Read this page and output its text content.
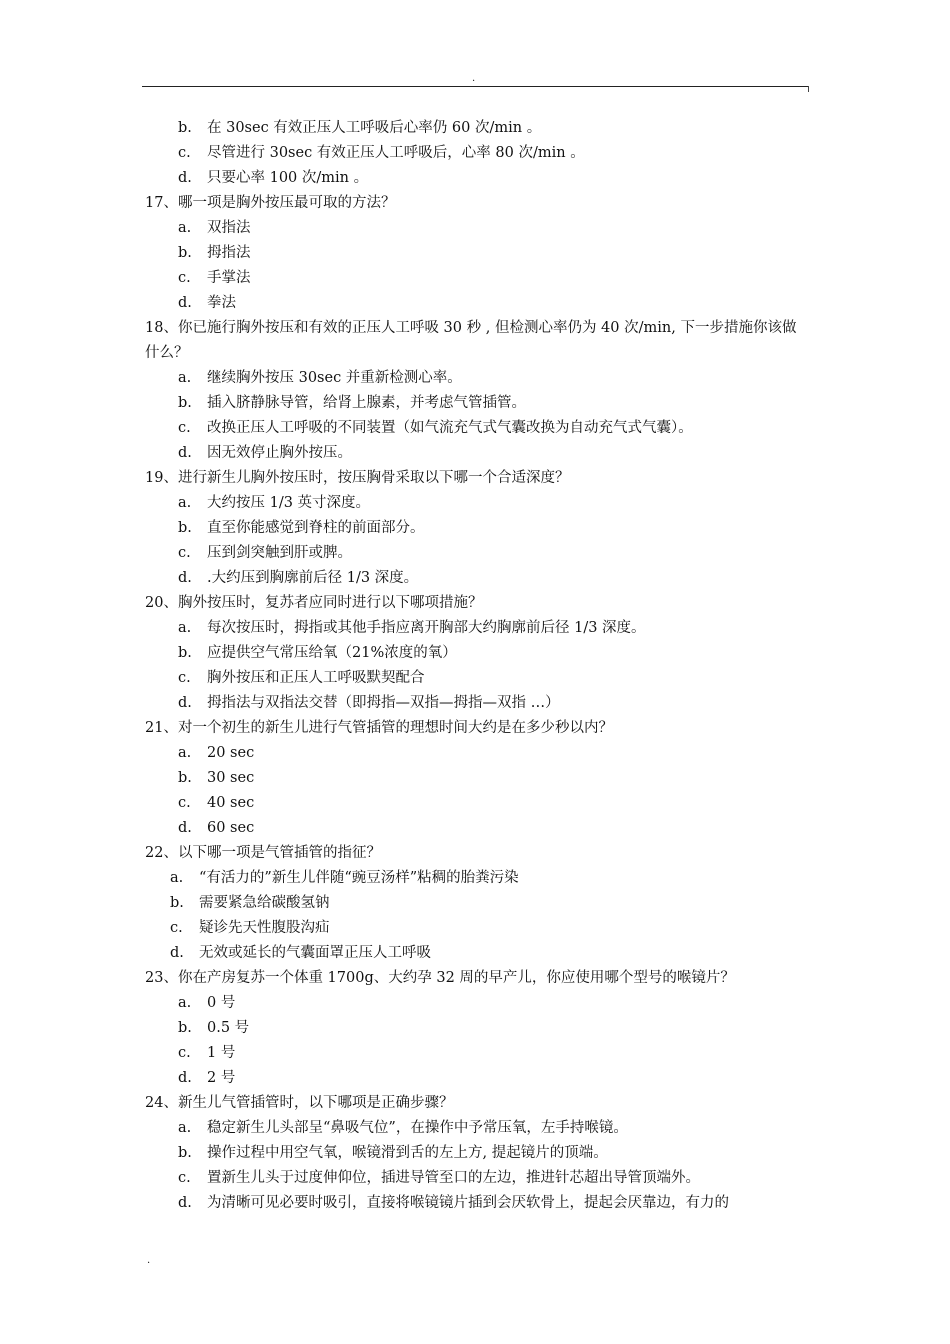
.
b. 在 30sec 有效正压人工呼吸后心率仍 60 次/min 。
c. 尽管进行 30sec 有效正压人工呼吸后，心率 80 次/min 。
d. 只要心率 100 次/min 。
17、哪一项是胸外按压最可取的方法？
a. 双指法
b. 拇指法
c. 手掌法
d. 拳法
18、你已施行胸外按压和有效的正压人工呼吸 30 秒 , 但检测心率仍为 40 次/min, 下一步措施你该做什么？
a. 继续胸外按压 30sec 并重新检测心率。
b. 插入脐静脉导管，给肾上腺素，并考虑气管插管。
c. 改换正压人工呼吸的不同装置（如气流充气式气囊改换为自动充气式气囊）。
d. 因无效停止胸外按压。
19、进行新生儿胸外按压时，按压胸骨采取以下哪一个合适深度？
a. 大约按压 1/3 英寸深度。
b. 直至你能感觉到脊柱的前面部分。
c. 压到剑突触到肝或脾。
d. .大约压到胸廓前后径 1/3 深度。
20、胸外按压时，复苏者应同时进行以下哪项措施？
a. 每次按压时，拇指或其他手指应离开胸部大约胸廓前后径 1/3 深度。
b. 应提供空气常压给氧（21%浓度的氧）
c. 胸外按压和正压人工呼吸默契配合
d. 拇指法与双指法交替（即拇指—双指—拇指—双指 …）
21、对一个初生的新生儿进行气管插管的理想时间大约是在多少秒以内？
a. 20 sec
b. 30 sec
c. 40 sec
d. 60 sec
22、以下哪一项是气管插管的指征？
a. “有活力的”新生儿伴随“豌豆汤样”粘稠的胎粪污染
b. 需要紧急给碳酸氢钠
c. 疑诊先天性腹股沟疝
d. 无效或延长的气囊面罩正压人工呼吸
23、你在产房复苏一个体重 1700g、大约孕 32 周的早产儿，你应使用哪个型号的喉镜片？
a. 0 号
b. 0.5 号
c. 1 号
d. 2 号
24、新生儿气管插管时，以下哪项是正确步骤？
a. 稳定新生儿头部呈“鼻吸气位”，在操作中予常压氧，左手持喉镜。
b. 操作过程中用空气氧，喉镜滑到舌的左上方, 提起镜片的顶端。
c. 置新生儿头于过度伸仰位，插进导管至口的左边，推进针芯超出导管顶端外。
d. 为清晰可见必要时吸引，直接将喉镜镜片插到会厌软骨上，提起会厌靠边，有力的
.
